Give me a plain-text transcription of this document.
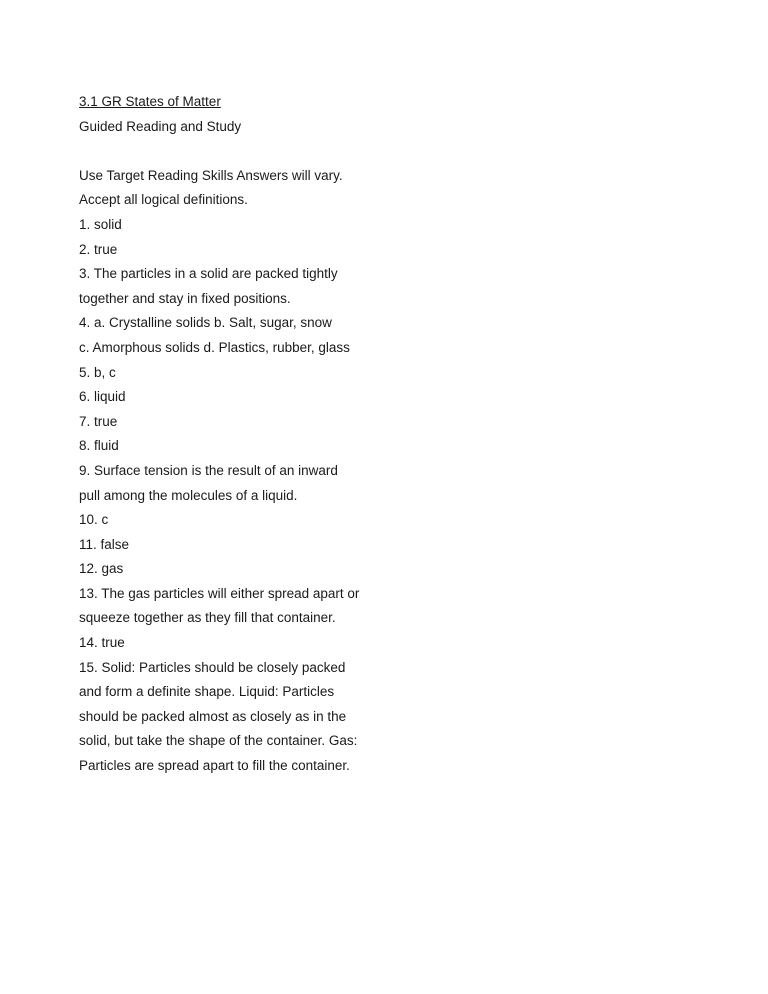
3.1 GR States of Matter
Guided Reading and Study
Use Target Reading Skills Answers will vary.
Accept all logical definitions.
1. solid
2. true
3. The particles in a solid are packed tightly
together and stay in fixed positions.
4. a. Crystalline solids b. Salt, sugar, snow
c. Amorphous solids d. Plastics, rubber, glass
5. b, c
6. liquid
7. true
8. fluid
9. Surface tension is the result of an inward
pull among the molecules of a liquid.
10. c
11. false
12. gas
13. The gas particles will either spread apart or
squeeze together as they fill that container.
14. true
15. Solid: Particles should be closely packed
and form a definite shape. Liquid: Particles
should be packed almost as closely as in the
solid, but take the shape of the container. Gas:
Particles are spread apart to fill the container.
